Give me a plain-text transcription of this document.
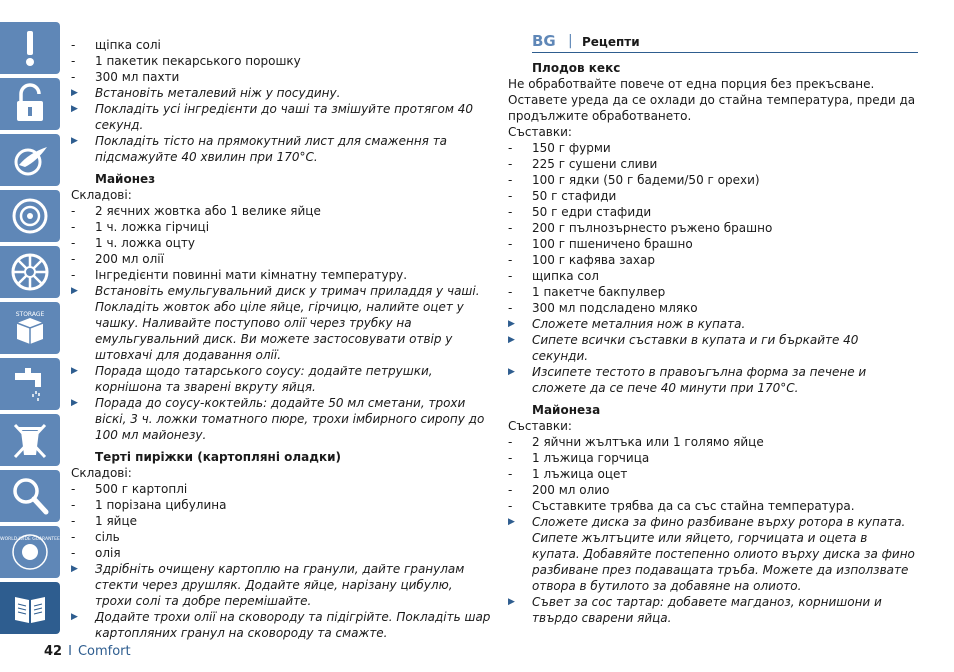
STORAGE
WORLD-WIDE GUARANTEE
BG | Рецепти
- щіпка солі
- 1 пакетик пекарського порошку
- 300 мл пахти
▶ Встановіть металевий ніж у посудину.
▶ Покладіть усі інгредієнти до чаші та змішуйте протягом 40 секунд.
▶ Покладіть тісто на прямокутний лист для смаження та підсмажуйте 40 хвилин при 170°C.
Майонез
Складові:
- 2 яєчних жовтка або 1 велике яйце
- 1 ч. ложка гірчиці
- 1 ч. ложка оцту
- 200 мл олії
- Інгредієнти повинні мати кімнатну температуру.
▶ Встановіть емульгувальний диск у тримач приладдя у чаші. Покладіть жовток або ціле яйце, гірчицю, налийте оцет у чашку. Наливайте поступово олії через трубку на емульгувальний диск. Ви можете застосовувати отвір у штовхачі для додавання олії.
▶ Порада щодо татарського соусу: додайте петрушки, корнішона та зварені вкруту яйця.
▶ Порада до соусу-коктейль: додайте 50 мл сметани, трохи віскі, 3 ч. ложки томатного пюре, трохи імбирного сиропу до 100 мл майонезу.
Терті пиріжки (картопляні оладки)
Складові:
- 500 г картоплі
- 1 порізана цибулина
- 1 яйце
- сіль
- олія
▶ Здрібніть очищену картоплю на гранули, дайте гранулам стекти через друшляк. Додайте яйце, нарізану цибулю, трохи солі та добре перемішайте.
▶ Додайте трохи олії на сковороду та підігрійте. Покладіть шар картопляних гранул на сковороду та смажте.
Плодов кекс
Не обработвайте повече от една порция без прекъсване. Оставете уреда да се охлади до стайна температура, преди да продължите обработването.
Съставки:
- 150 г фурми
- 225 г сушени сливи
- 100 г ядки (50 г бадеми/50 г орехи)
- 50 г стафиди
- 50 г едри стафиди
- 200 г пълнозърнесто ръжено брашно
- 100 г пшеничено брашно
- 100 г кафява захар
- щипка сол
- 1 пакетче бакпулвер
- 300 мл подсладено мляко
▶ Сложете металния нож в купата.
▶ Сипете всички съставки в купата и ги бъркайте 40 секунди.
▶ Изсипете тестото в правоъгълна форма за печене и сложете да се пече 40 минути при 170°C.
Майонеза
Съставки:
- 2 яйчни жълтъка или 1 голямо яйце
- 1 лъжица горчица
- 1 лъжица оцет
- 200 мл олио
- Съставките трябва да са със стайна температура.
▶ Сложете диска за фино разбиване върху ротора в купата. Сипете жълтъците или яйцето, горчицата и оцета в купата. Добавяйте постепенно олиото върху диска за фино разбиване през подаващата тръба. Можете да използвате отвора в бутилото за добавяне на олиото.
▶ Съвет за сос тартар: добавете магданоз, корнишони и твърдо сварени яйца.
42 I Comfort
